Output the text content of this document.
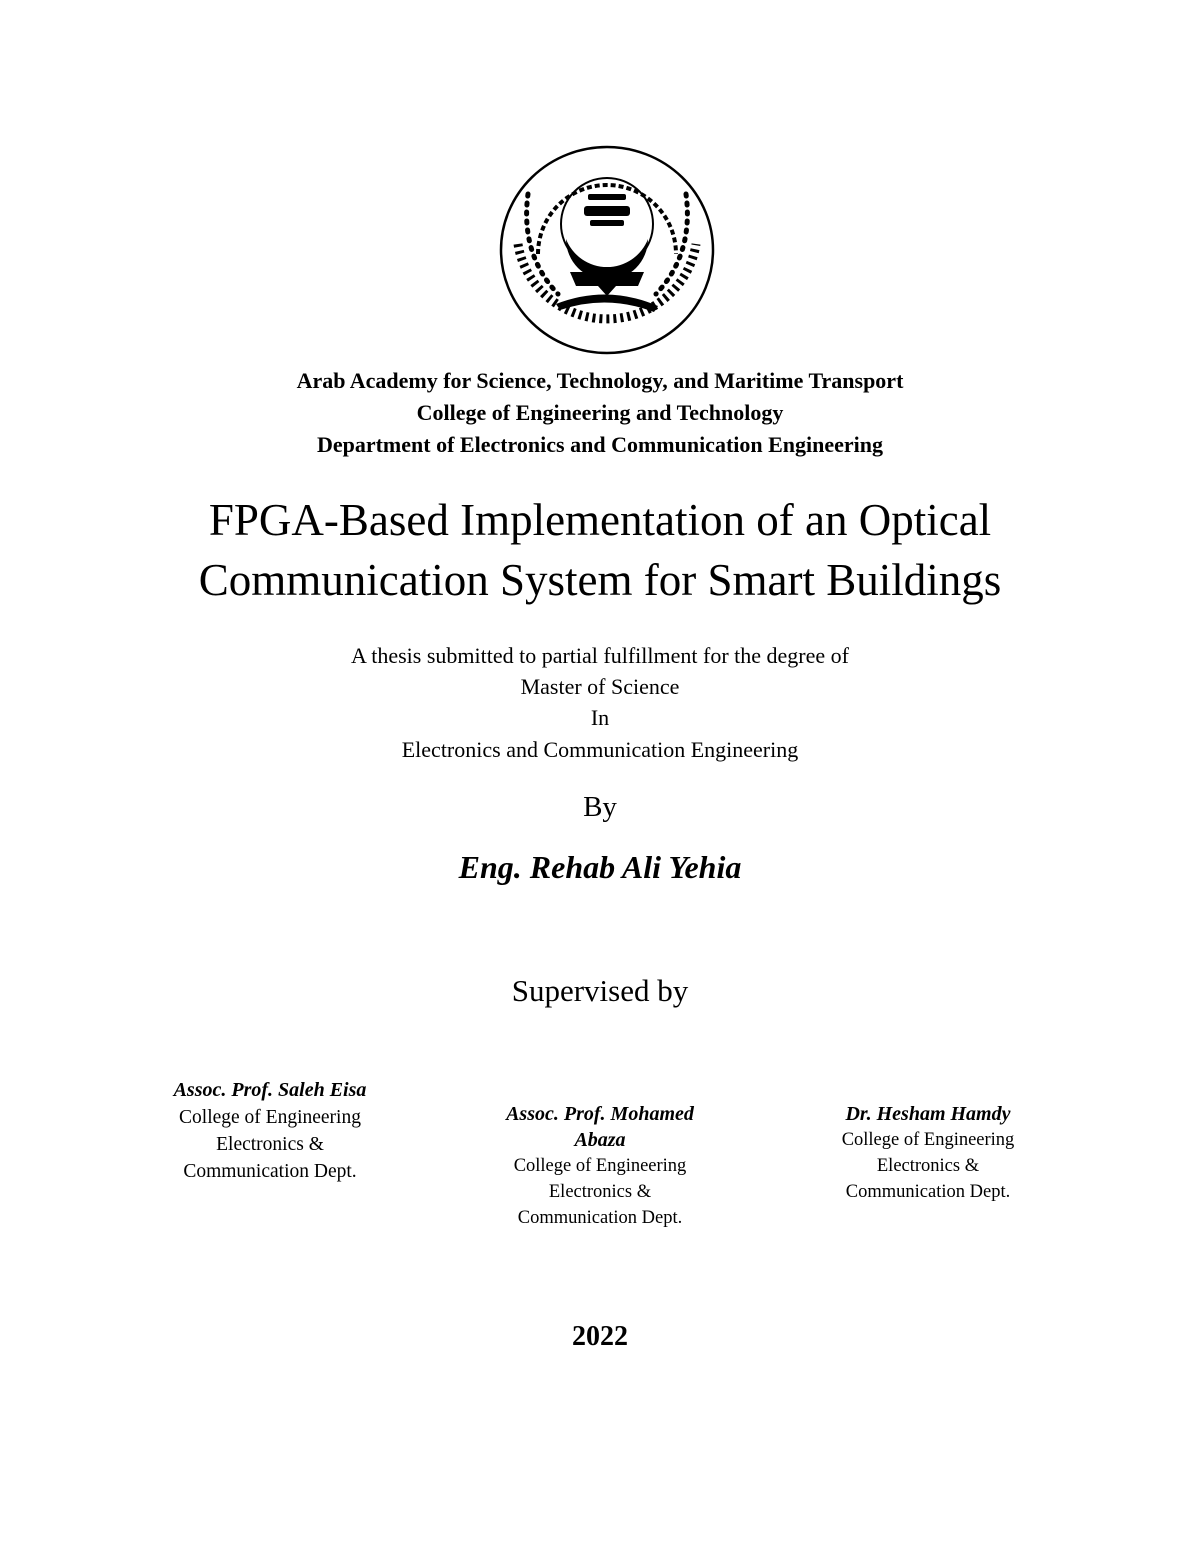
Arab Academy for Science, Technology, and Maritime Transport
College of Engineering and Technology
Department of Electronics and Communication Engineering
FPGA-Based Implementation of an Optical
Communication System for Smart Buildings
A thesis submitted to partial fulfillment for the degree of
Master of Science
In
Electronics and Communication Engineering
By
Eng. Rehab Ali Yehia
Supervised by
Assoc. Prof. Saleh Eisa
College of Engineering
Electronics &
Communication Dept.
Assoc. Prof. Mohamed Abaza
College of Engineering
Electronics &
Communication Dept.
Dr. Hesham Hamdy
College of Engineering
Electronics &
Communication Dept.
2022
